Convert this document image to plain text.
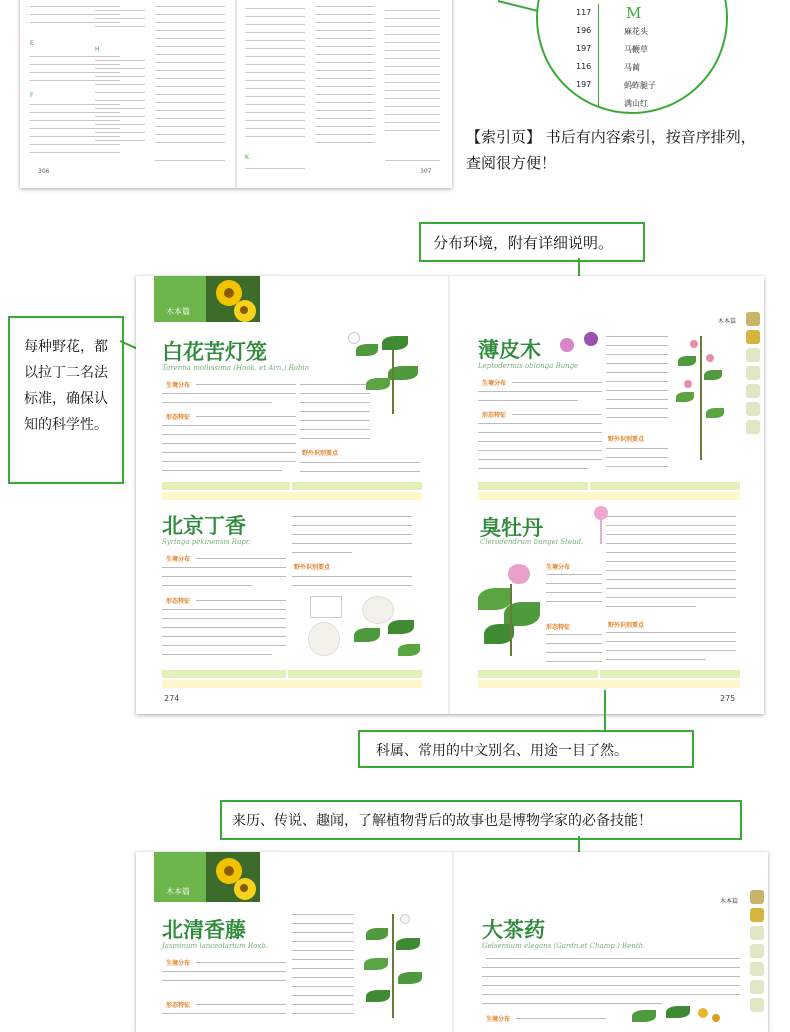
E
F
H
306
K
307
M
117
196	麻花头
197	马鞭草
116	马蔺
197	蚂蚱腿子
满山红
【索引页】 书后有内容索引，按音序排列，查阅很方便！
分布环境，附有详细说明。
每种野花，都以拉丁二名法标准，确保认知的科学性。
木本篇
木本篇
白花苦灯笼
Tarenna mollissima (Hook. et Arn.) Robin
生境分布
形态特征
野外识别要点
薄皮木
Leptodermis oblonga Bunge
生境分布
形态特征
野外识别要点
北京丁香
Syringa pekinensis Rupr.
生境分布
形态特征
野外识别要点
274
臭牡丹
Clerodendrum bungei Steud.
生境分布
形态特征	野外识别要点
275
科属、常用的中文别名、用途一目了然。
来历、传说、趣闻，了解植物背后的故事也是博物学家的必备技能！
木本篇
木本篇
北清香藤
Jasminum lanceolarium Roxb.
生境分布
形态特征
大茶药
Gelsemium elegans (Gardn.et Champ.) Benth.
生境分布
